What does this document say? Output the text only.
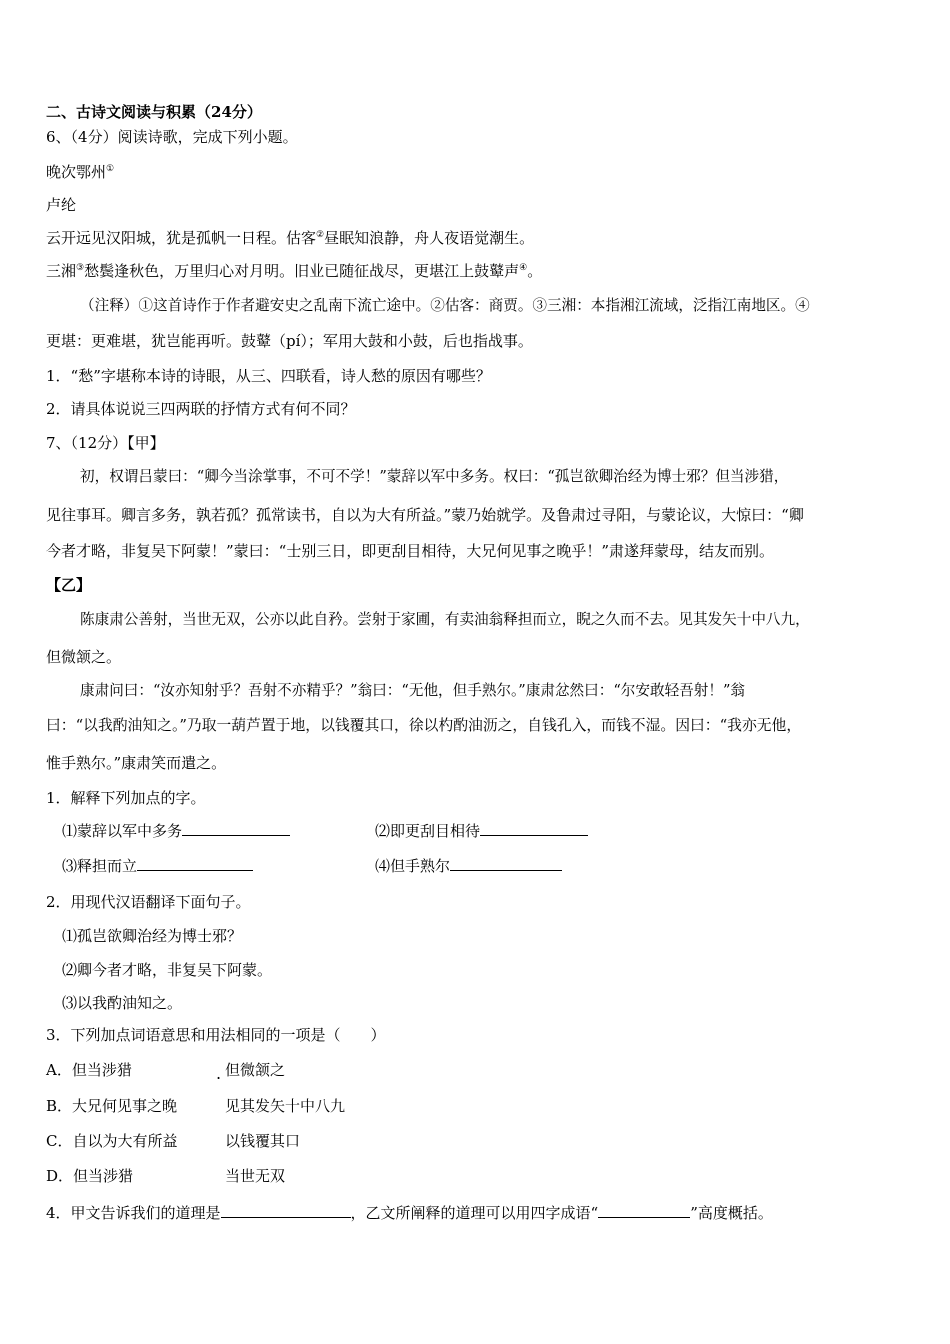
二、古诗文阅读与积累（24分）
6、（4分）阅读诗歌，完成下列小题。
晚次鄂州①
卢纶
云开远见汉阳城，犹是孤帆一日程。估客②昼眠知浪静，舟人夜语觉潮生。
三湘③愁鬓逢秋色，万里归心对月明。旧业已随征战尽，更堪江上鼓鼙声④。
（注释）①这首诗作于作者避安史之乱南下流亡途中。②估客：商贾。③三湘：本指湘江流域，泛指江南地区。④
更堪：更难堪，犹岂能再听。鼓鼙（pí）；军用大鼓和小鼓，后也指战事。
1．“愁”字堪称本诗的诗眼，从三、四联看，诗人愁的原因有哪些？
2．请具体说说三四两联的抒情方式有何不同？
7、（12分）【甲】
初，权谓吕蒙曰：“卿今当涂掌事，不可不学！”蒙辞以军中多务。权曰：“孤岂欲卿治经为博士邪？但当涉猎，
见往事耳。卿言多务，孰若孤？孤常读书，自以为大有所益。”蒙乃始就学。及鲁肃过寻阳，与蒙论议，大惊曰：“卿
今者才略，非复吴下阿蒙！”蒙曰：“士别三日，即更刮目相待，大兄何见事之晚乎！”肃遂拜蒙母，结友而别。
【乙】
陈康肃公善射，当世无双，公亦以此自矜。尝射于家圃，有卖油翁释担而立，睨之久而不去。见其发矢十中八九，
但微颔之。
康肃问曰：“汝亦知射乎？吾射不亦精乎？”翁曰：“无他，但手熟尔。”康肃忿然曰：“尔安敢轻吾射！”翁
曰：“以我酌油知之。”乃取一葫芦置于地，以钱覆其口，徐以杓酌油沥之，自钱孔入，而钱不湿。因曰：“我亦无他，
惟手熟尔。”康肃笑而遣之。
1．解释下列加点的字。
⑴蒙辞以军中多务	⑵即更刮目相待
⑶释担而立	⑷但手熟尔
2．用现代汉语翻译下面句子。
⑴孤岂欲卿治经为博士邪？
⑵卿今者才略，非复吴下阿蒙。
⑶以我酌油知之。
3．下列加点词语意思和用法相同的一项是（　　）
A．但当涉猎	但微颔之
.
B．大兄何见事之晚	见其发矢十中八九
C．自以为大有所益	以钱覆其口
D．但当涉猎	当世无双
4．甲文告诉我们的道理是	，乙文所阐释的道理可以用四字成语“	”高度概括。
